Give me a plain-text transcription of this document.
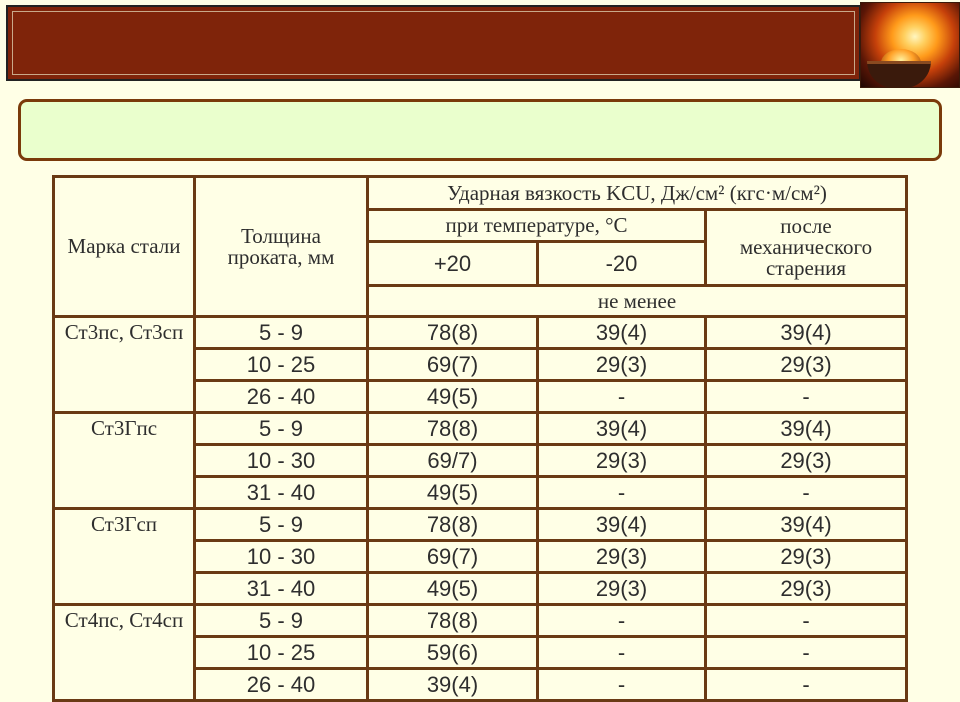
Марка стали	Толщина проката, мм	Ударная вязкость KCU, Дж/см² (кгс·м/см²)		
		при температуре, °С		после механического старения
		+20	-20	
		не менее		
Ст3пс, Ст3сп	5 - 9	78(8)	39(4)	39(4)
	10 - 25	69(7)	29(3)	29(3)
	26 - 40	49(5)	-	-
Ст3Гпс	5 - 9	78(8)	39(4)	39(4)
	10 - 30	69/7)	29(3)	29(3)
	31 - 40	49(5)	-	-
Ст3Гсп	5 - 9	78(8)	39(4)	39(4)
	10 - 30	69(7)	29(3)	29(3)
	31 - 40	49(5)	29(3)	29(3)
Ст4пс, Ст4сп	5 - 9	78(8)	-	-
	10 - 25	59(6)	-	-
	26 - 40	39(4)	-	-
